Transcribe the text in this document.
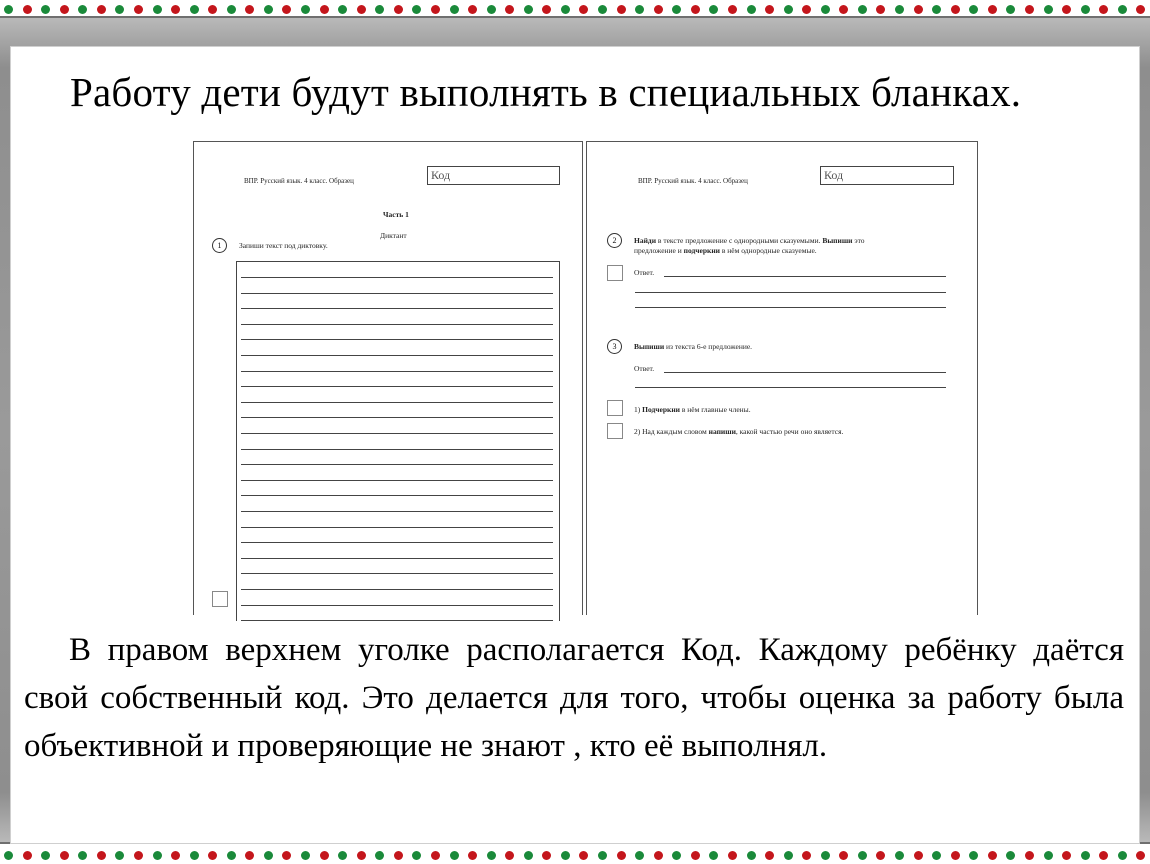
Работу дети будут выполнять в специальных бланках.
ВПР. Русский язык. 4 класс. Образец	Код
Часть 1
Диктант
1	Запиши текст под диктовку.
ВПР. Русский язык. 4 класс. Образец	Код
2	Найди в тексте предложение с однородными сказуемыми. Выпиши это
предложение и подчеркни в нём однородные сказуемые.
Ответ.
3	Выпиши из текста 6-е предложение.
Ответ.
1) Подчеркни в нём главные члены.
2) Над каждым словом напиши, какой частью речи оно является.

В правом верхнем уголке располагается Код. Каждому ребёнку даётся свой собственный код. Это делается для того, чтобы оценка за работу была объективной и проверяющие не знают , кто её выполнял.
